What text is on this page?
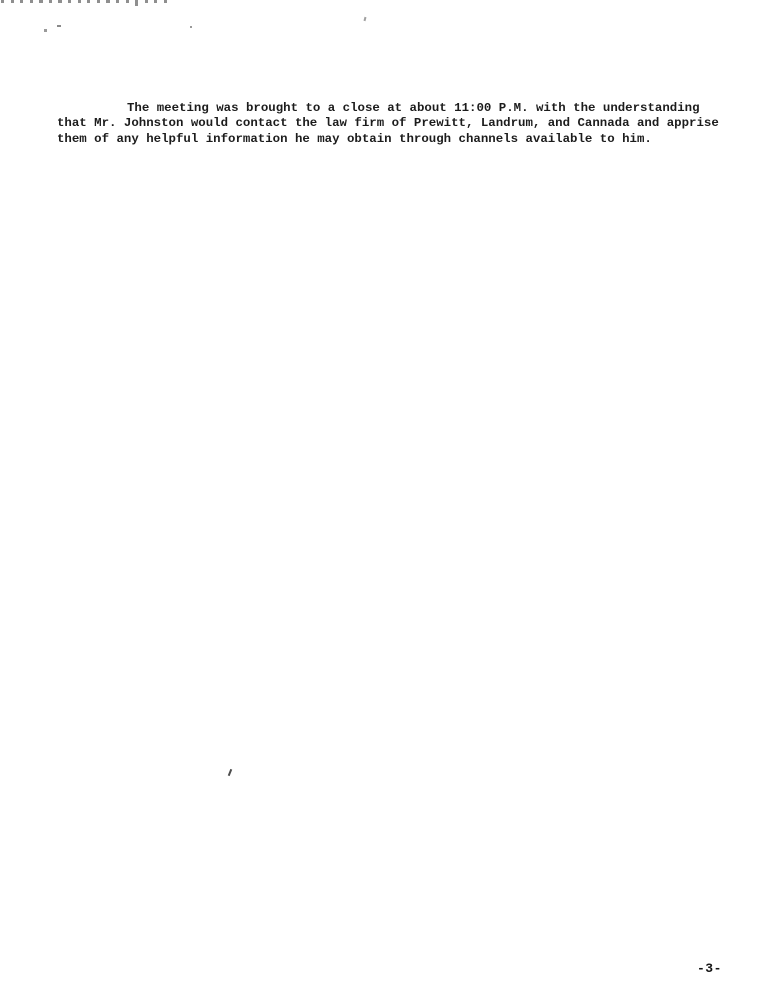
The meeting was brought to a close at about 11:00 P.M. with the understanding
that Mr. Johnston would contact the law firm of Prewitt, Landrum, and Cannada and apprise
them of any helpful information he may obtain through channels available to him.
-3-
